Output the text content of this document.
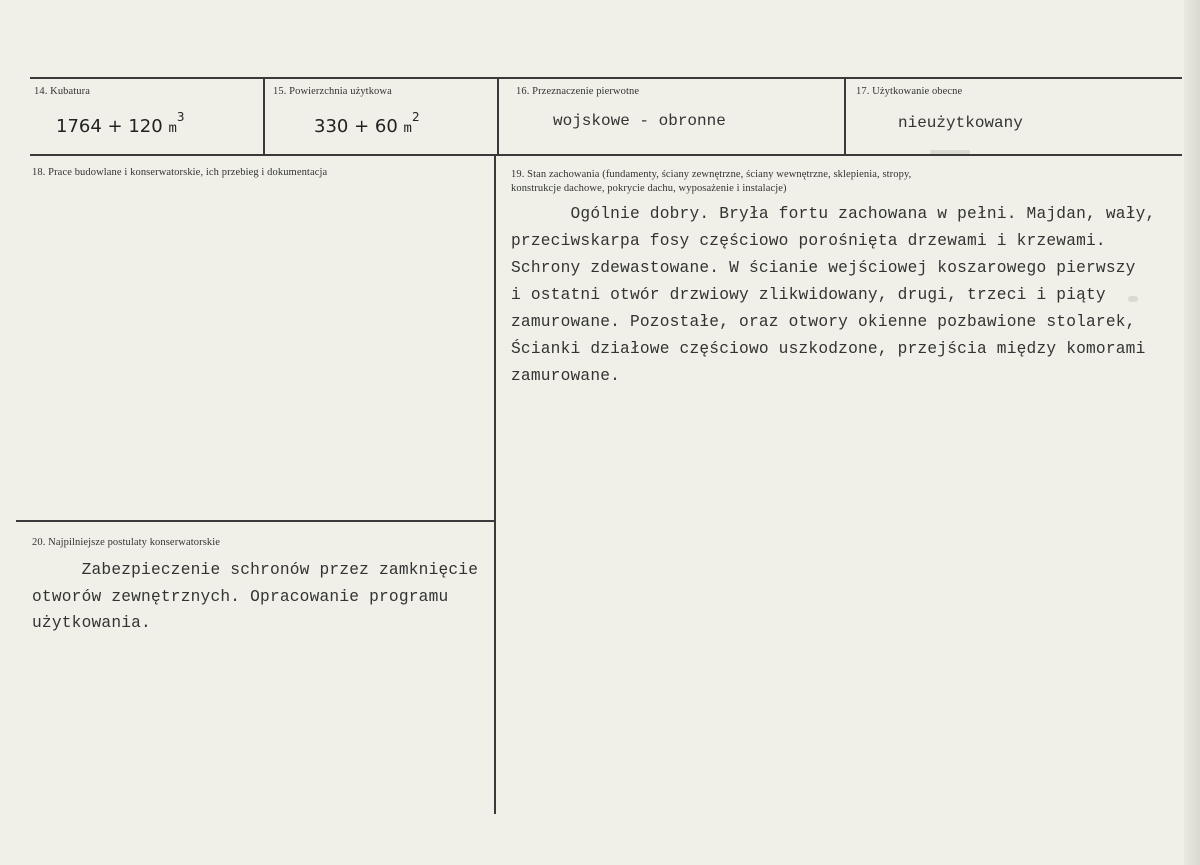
14. Kubatura
1764 + 120 $m^3$
15. Powierzchnia użytkowa
330 + 60 $m^2$
16. Przeznaczenie pierwotne
wojskowe - obronne
17. Użytkowanie obecne
nieużytkowany
18. Prace budowlane i konserwatorskie, ich przebieg i dokumentacja	19. Stan zachowania (fundamenty, ściany zewnętrzne, ściany wewnętrzne, sklepienia, stropy,
konstrukcje dachowe, pokrycie dachu, wyposażenie i instalacje)
Ogólnie dobry. Bryła fortu zachowana w pełni. Majdan, wały,
przeciwskarpa fosy częściowo porośnięta drzewami i krzewami.
Schrony zdewastowane. W ścianie wejściowej koszarowego pierwszy
i ostatni otwór drzwiowy zlikwidowany, drugi, trzeci i piąty
zamurowane. Pozostałe, oraz otwory okienne pozbawione stolarek,
Ścianki działowe częściowo uszkodzone, przejścia między komorami
zamurowane.
20. Najpilniejsze postulaty konserwatorskie
Zabezpieczenie schronów przez zamknięcie
otworów zewnętrznych. Opracowanie programu
użytkowania.
